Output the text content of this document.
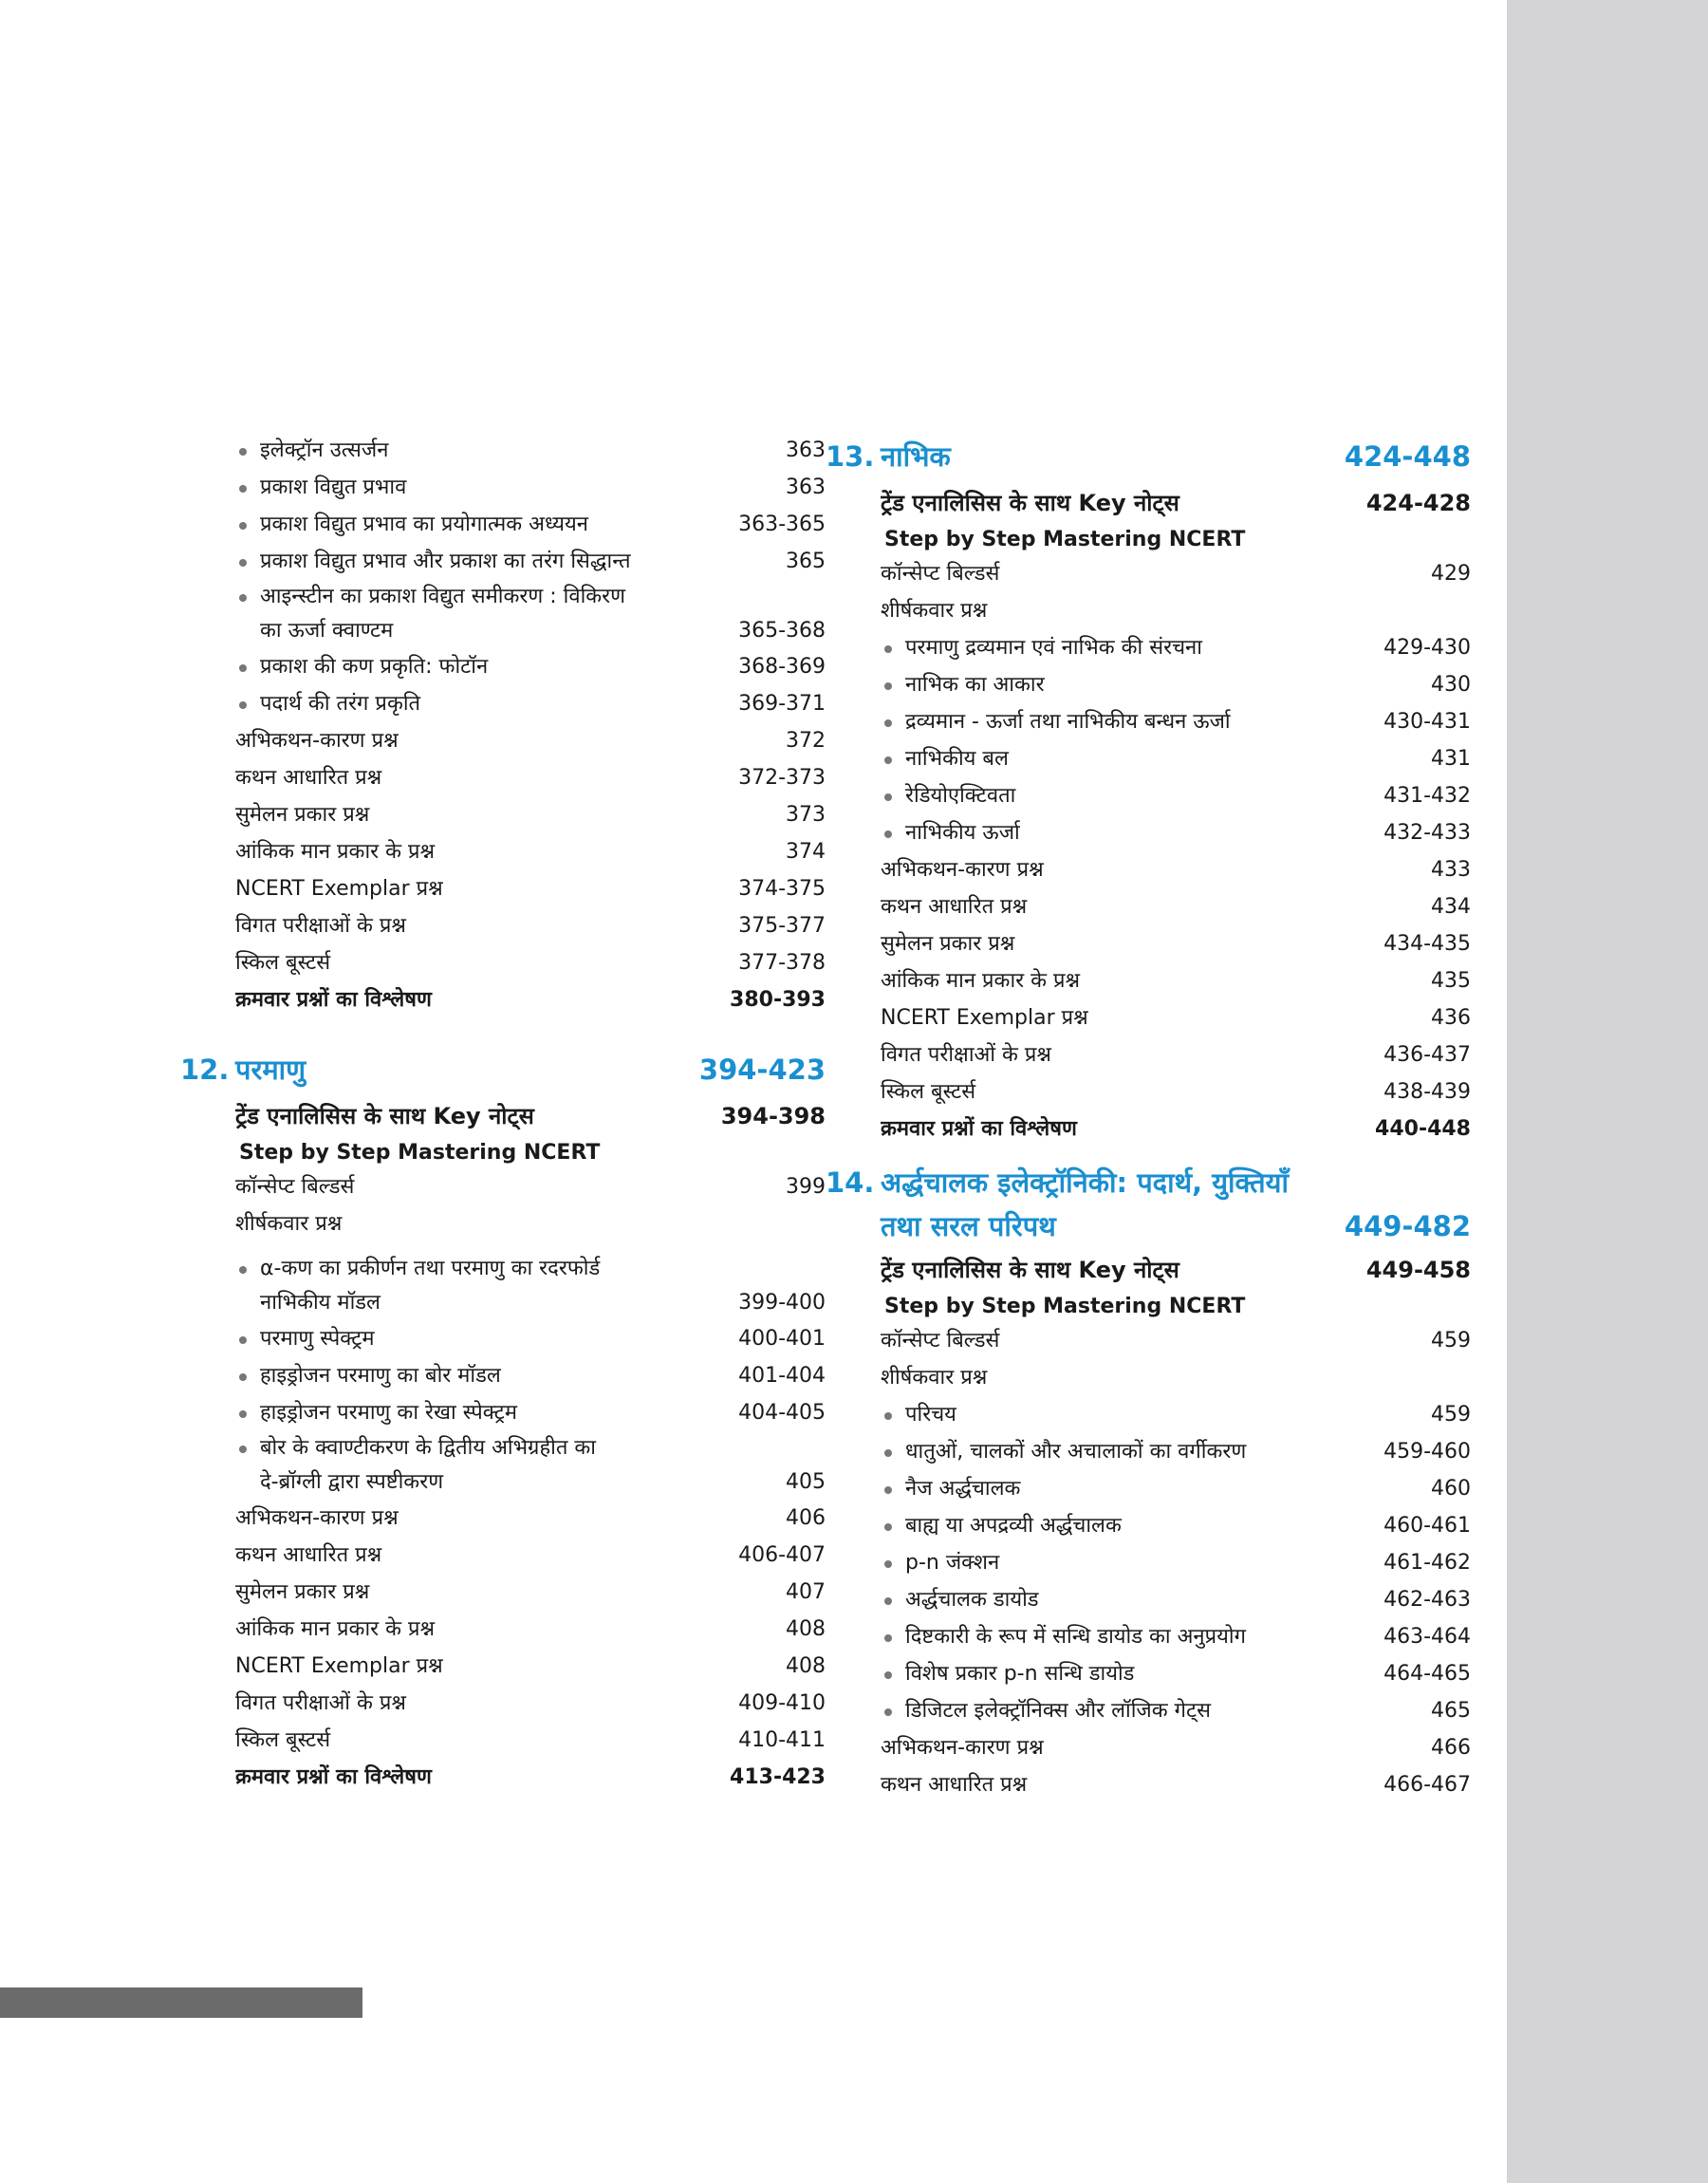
इलेक्ट्रॉन उत्सर्जन	363
प्रकाश विद्युत प्रभाव	363
प्रकाश विद्युत प्रभाव का प्रयोगात्मक अध्ययन	363-365
प्रकाश विद्युत प्रभाव और प्रकाश का तरंग सिद्धान्त	365
आइन्स्टीन का प्रकाश विद्युत समीकरण : विकिरण
का ऊर्जा क्वाण्टम	365-368
प्रकाश की कण प्रकृति: फोटॉन	368-369
पदार्थ की तरंग प्रकृति	369-371
अभिकथन-कारण प्रश्न	372
कथन आधारित प्रश्न	372-373
सुमेलन प्रकार प्रश्न	373
आंकिक मान प्रकार के प्रश्न	374
NCERT Exemplar प्रश्न	374-375
विगत परीक्षाओं के प्रश्न	375-377
स्किल बूस्टर्स	377-378
क्रमवार प्रश्नों का विश्लेषण	380-393
12. परमाणु	394-423
ट्रेंड एनालिसिस के साथ Key नोट्स	394-398
Step by Step Mastering NCERT
कॉन्सेप्ट बिल्डर्स	399
शीर्षकवार प्रश्न
α-कण का प्रकीर्णन तथा परमाणु का रदरफोर्ड
नाभिकीय मॉडल	399-400
परमाणु स्पेक्ट्रम	400-401
हाइड्रोजन परमाणु का बोर मॉडल	401-404
हाइड्रोजन परमाणु का रेखा स्पेक्ट्रम	404-405
बोर के क्वाण्टीकरण के द्वितीय अभिग्रहीत का
दे-ब्रॉग्ली द्वारा स्पष्टीकरण	405
अभिकथन-कारण प्रश्न	406
कथन आधारित प्रश्न	406-407
सुमेलन प्रकार प्रश्न	407
आंकिक मान प्रकार के प्रश्न	408
NCERT Exemplar प्रश्न	408
विगत परीक्षाओं के प्रश्न	409-410
स्किल बूस्टर्स	410-411
क्रमवार प्रश्नों का विश्लेषण	413-423
13. नाभिक	424-448
ट्रेंड एनालिसिस के साथ Key नोट्स	424-428
Step by Step Mastering NCERT
कॉन्सेप्ट बिल्डर्स	429
शीर्षकवार प्रश्न
परमाणु द्रव्यमान एवं नाभिक की संरचना	429-430
नाभिक का आकार	430
द्रव्यमान - ऊर्जा तथा नाभिकीय बन्धन ऊर्जा	430-431
नाभिकीय बल	431
रेडियोएक्टिवता	431-432
नाभिकीय ऊर्जा	432-433
अभिकथन-कारण प्रश्न	433
कथन आधारित प्रश्न	434
सुमेलन प्रकार प्रश्न	434-435
आंकिक मान प्रकार के प्रश्न	435
NCERT Exemplar प्रश्न	436
विगत परीक्षाओं के प्रश्न	436-437
स्किल बूस्टर्स	438-439
क्रमवार प्रश्नों का विश्लेषण	440-448
14. अर्द्धचालक इलेक्ट्रॉनिकी: पदार्थ, युक्तियाँ
तथा सरल परिपथ	449-482
ट्रेंड एनालिसिस के साथ Key नोट्स	449-458
Step by Step Mastering NCERT
कॉन्सेप्ट बिल्डर्स	459
शीर्षकवार प्रश्न
परिचय	459
धातुओं, चालकों और अचालाकों का वर्गीकरण	459-460
नैज अर्द्धचालक	460
बाह्य या अपद्रव्यी अर्द्धचालक	460-461
p-n जंक्शन	461-462
अर्द्धचालक डायोड	462-463
दिष्टकारी के रूप में सन्धि डायोड का अनुप्रयोग	463-464
विशेष प्रकार p-n सन्धि डायोड	464-465
डिजिटल इलेक्ट्रॉनिक्स और लॉजिक गेट्स	465
अभिकथन-कारण प्रश्न	466
कथन आधारित प्रश्न	466-467
